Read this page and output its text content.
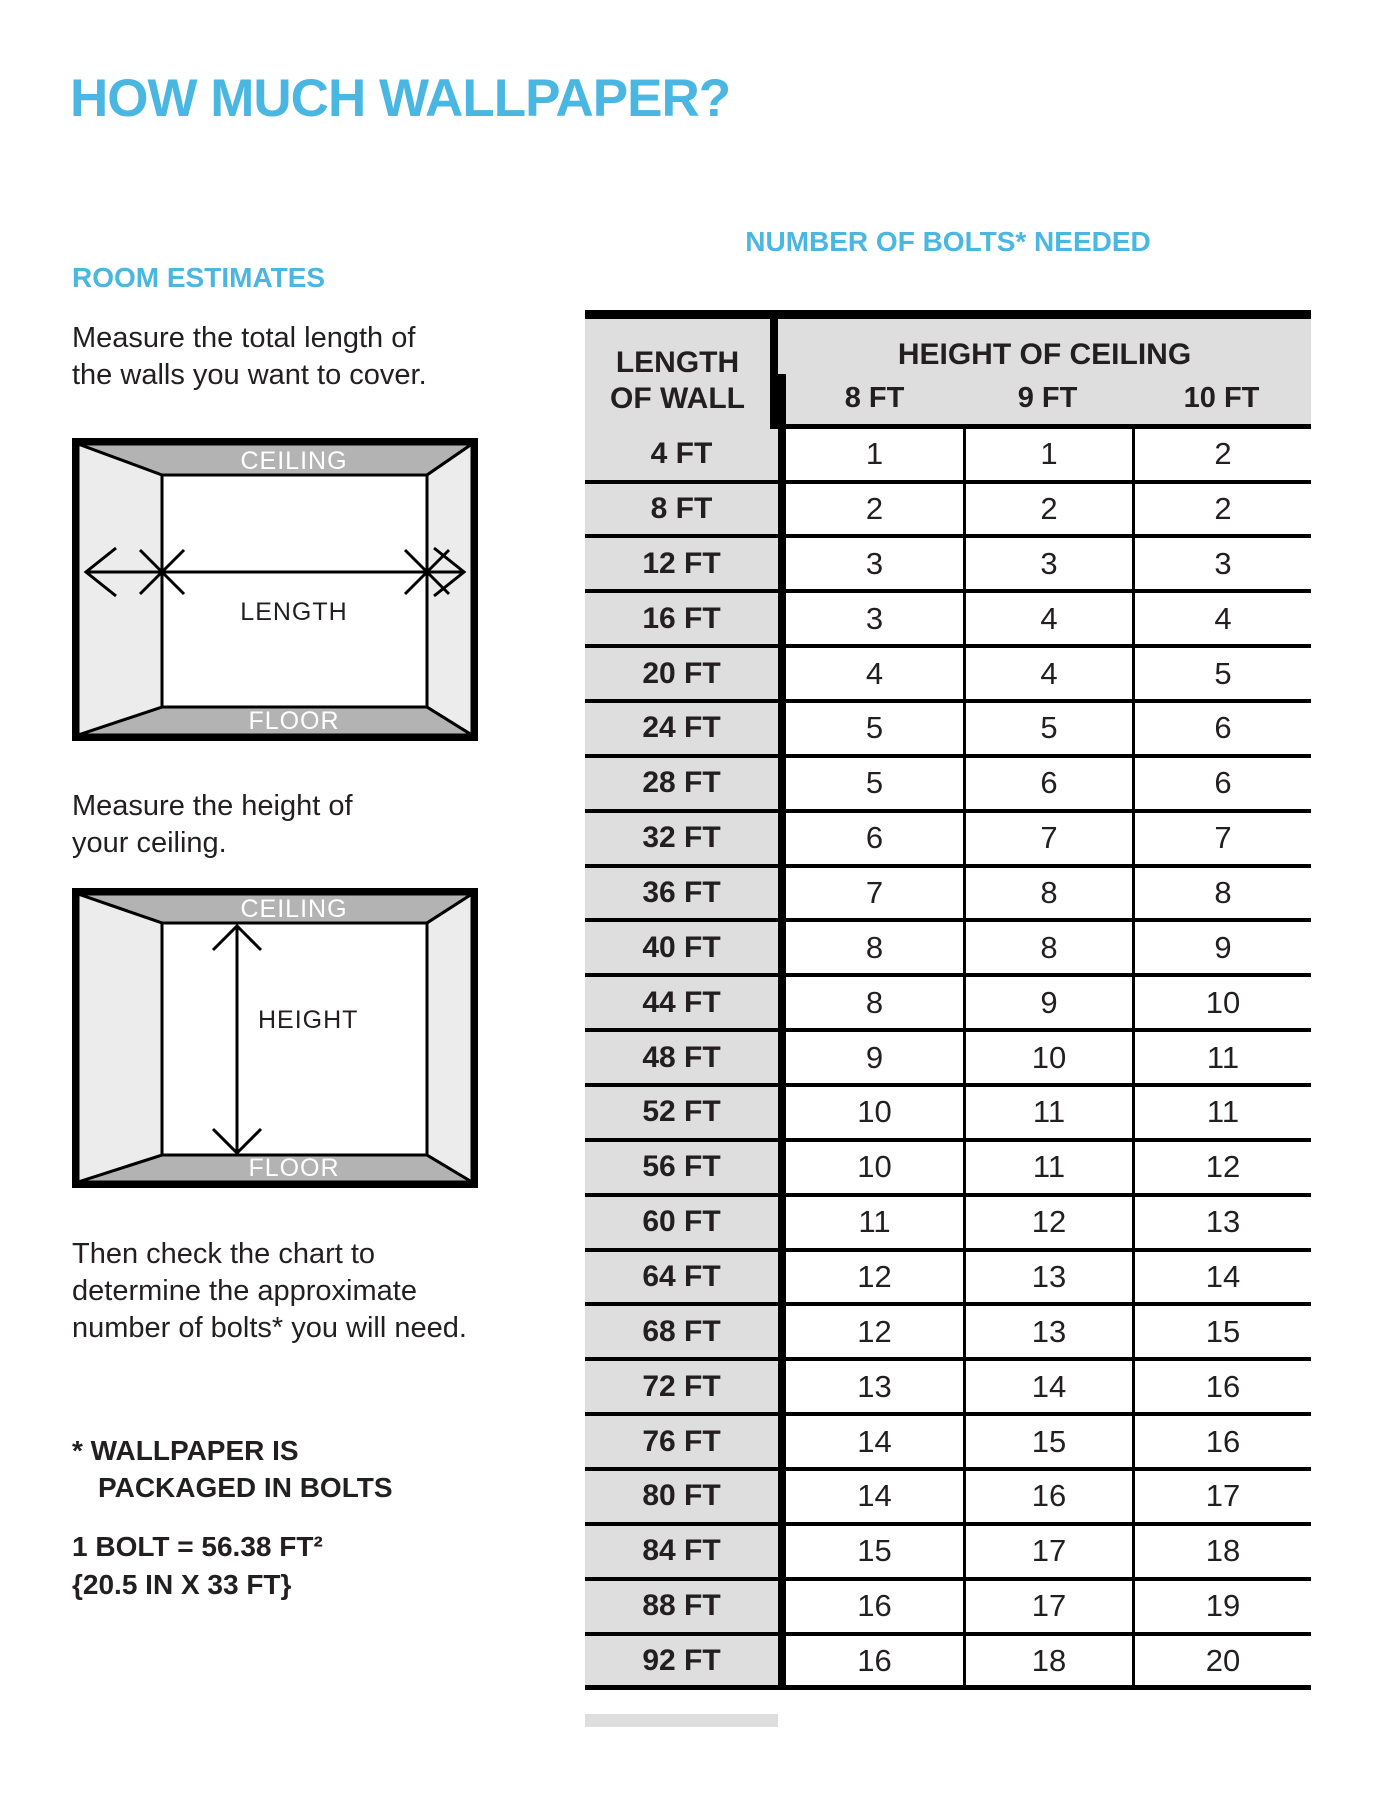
HOW MUCH WALLPAPER?
ROOM ESTIMATES
Measure the total length of
the walls you want to cover.
CEILING
LENGTH
FLOOR
Measure the height of
your ceiling.
CEILING
HEIGHT
FLOOR
Then check the chart to
determine the approximate
number of bolts* you will need.
* WALLPAPER IS
PACKAGED IN BOLTS
1 BOLT = 56.38 FT²
{20.5 IN X 33 FT}
NUMBER OF BOLTS* NEEDED
LENGTH
OF WALL
HEIGHT OF CEILING
8 FT	9 FT	10 FT
4 FT	1	1	2
8 FT	2	2	2
12 FT	3	3	3
16 FT	3	4	4
20 FT	4	4	5
24 FT	5	5	6
28 FT	5	6	6
32 FT	6	7	7
36 FT	7	8	8
40 FT	8	8	9
44 FT	8	9	10
48 FT	9	10	11
52 FT	10	11	11
56 FT	10	11	12
60 FT	11	12	13
64 FT	12	13	14
68 FT	12	13	15
72 FT	13	14	16
76 FT	14	15	16
80 FT	14	16	17
84 FT	15	17	18
88 FT	16	17	19
92 FT	16	18	20
